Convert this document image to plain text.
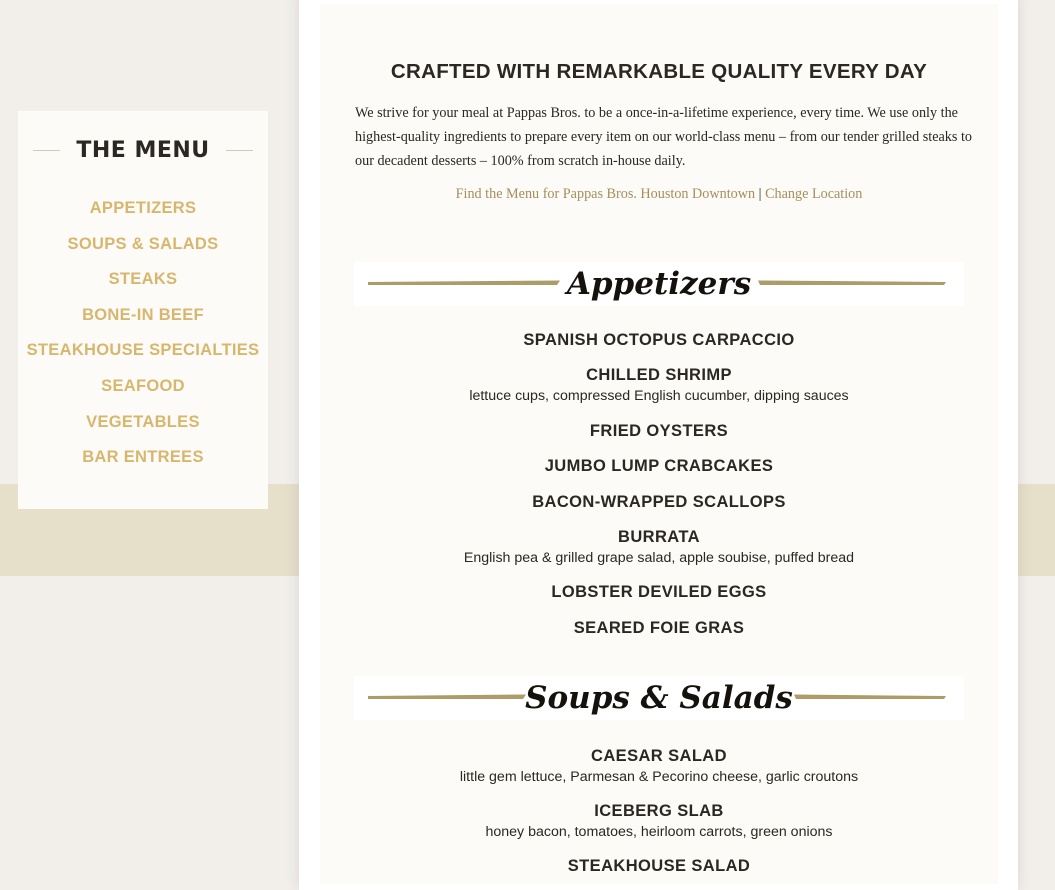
THE MENU
APPETIZERS
SOUPS & SALADS
STEAKS
BONE-IN BEEF
STEAKHOUSE SPECIALTIES
SEAFOOD
VEGETABLES
BAR ENTREES
CRAFTED WITH REMARKABLE QUALITY EVERY DAY

We strive for your meal at Pappas Bros. to be a once-in-a-lifetime experience, every time. We use only the highest-quality ingredients to prepare every item on our world-class menu – from our tender grilled steaks to our decadent desserts – 100% from scratch in-house daily.

Find the Menu for Pappas Bros. Houston Downtown | Change Location
Appetizers
SPANISH OCTOPUS CARPACCIO
CHILLED SHRIMP
lettuce cups, compressed English cucumber, dipping sauces
FRIED OYSTERS
JUMBO LUMP CRABCAKES
BACON-WRAPPED SCALLOPS
BURRATA
English pea & grilled grape salad, apple soubise, puffed bread
LOBSTER DEVILED EGGS
SEARED FOIE GRAS
Soups & Salads
CAESAR SALAD
little gem lettuce, Parmesan & Pecorino cheese, garlic croutons
ICEBERG SLAB
honey bacon, tomatoes, heirloom carrots, green onions
STEAKHOUSE SALAD
